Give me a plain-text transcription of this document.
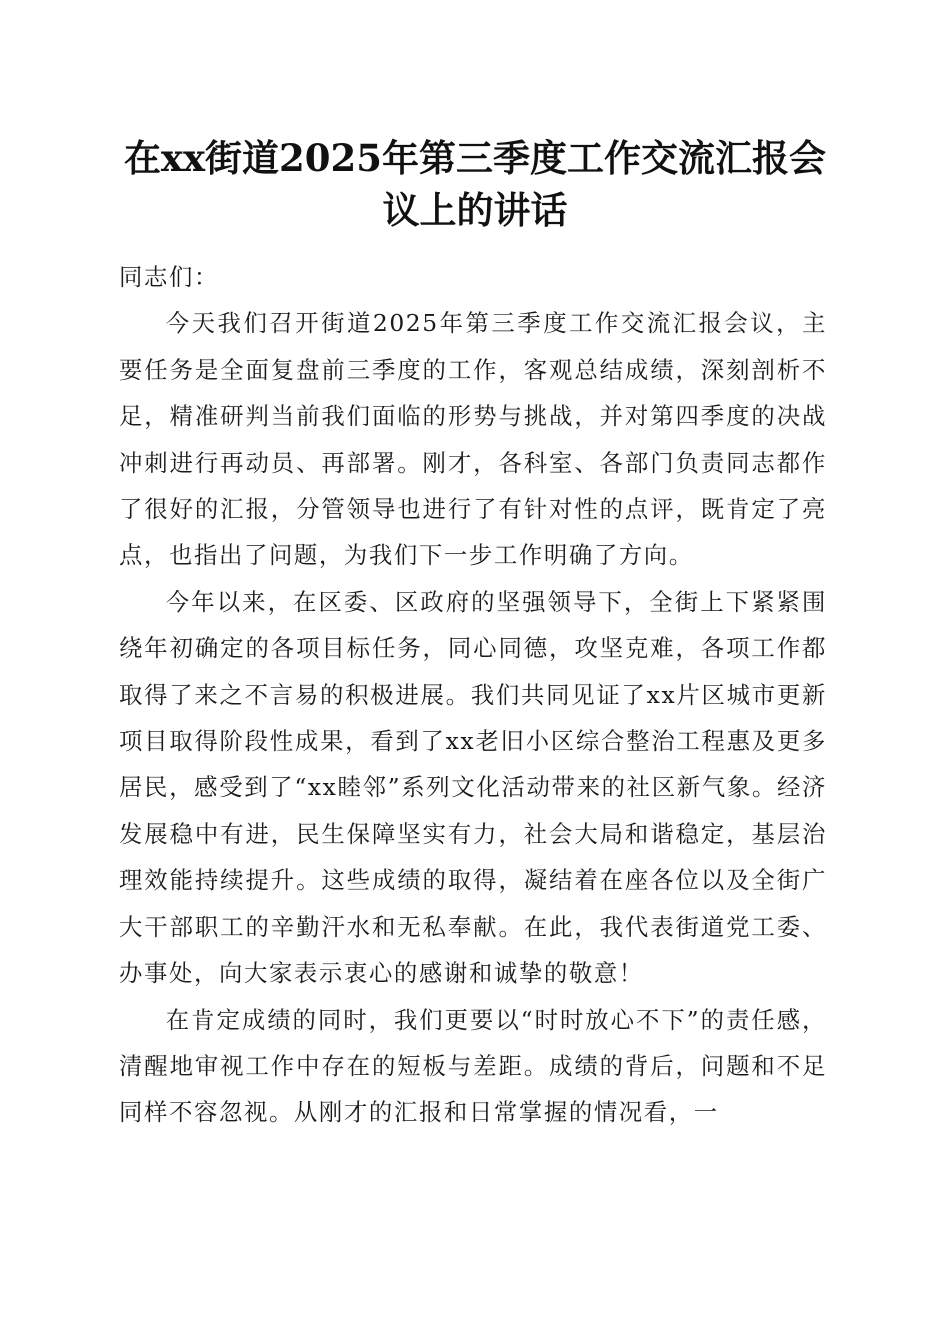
在xx街道2025年第三季度工作交流汇报会议上的讲话

同志们：

今天我们召开街道2025年第三季度工作交流汇报会议，主要任务是全面复盘前三季度的工作，客观总结成绩，深刻剖析不足，精准研判当前我们面临的形势与挑战，并对第四季度的决战冲刺进行再动员、再部署。刚才，各科室、各部门负责同志都作了很好的汇报，分管领导也进行了有针对性的点评，既肯定了亮点，也指出了问题，为我们下一步工作明确了方向。

今年以来，在区委、区政府的坚强领导下，全街上下紧紧围绕年初确定的各项目标任务，同心同德，攻坚克难，各项工作都取得了来之不言易的积极进展。我们共同见证了xx片区城市更新项目取得阶段性成果，看到了xx老旧小区综合整治工程惠及更多居民，感受到了“xx睦邻”系列文化活动带来的社区新气象。经济发展稳中有进，民生保障坚实有力，社会大局和谐稳定，基层治理效能持续提升。这些成绩的取得，凝结着在座各位以及全街广大干部职工的辛勤汗水和无私奉献。在此，我代表街道党工委、办事处，向大家表示衷心的感谢和诚挚的敬意！

在肯定成绩的同时，我们更要以“时时放心不下”的责任感，清醒地审视工作中存在的短板与差距。成绩的背后，问题和不足同样不容忽视。从刚才的汇报和日常掌握的情况看，一
